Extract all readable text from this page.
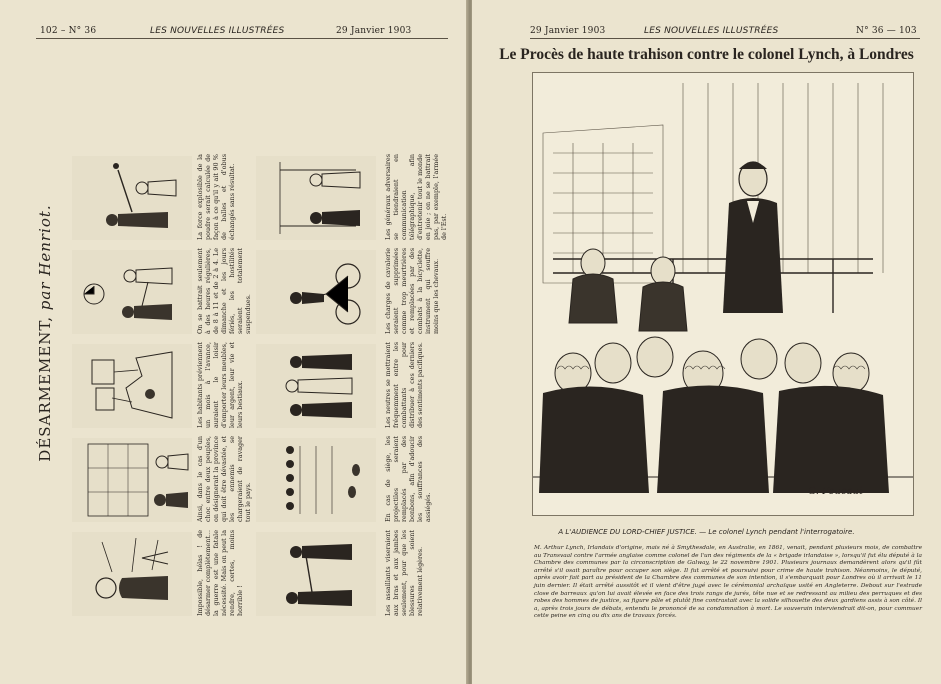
102 – N° 36	LES NOUVELLES ILLUSTRÉES	29 Janvier 1903
DÉSARMEMENT, par Henriot.
Impossible, hélas ! de désarmer complètement... la guerre est une fatale nécessité. Mais on peut la rendre, certes, moins horrible !
Ainsi, dans le cas d'un choc entre deux peuples, on désignerait la province qui doit être dévastée, et les ennemis se chargeraient de ravager tout le pays.
Les habitants préviennent un mois à l'avance, auraient le loisir d'emporter leurs meubles, leur argent, leur vie et leurs bestiaux.
On se battrait seulement à des heures régulières, de 8 à 11 et de 2 à 4. Le dimanche et les jours fériés, les hostilités seraient totalement suspendues.
La force explosible de la poudre serait calculée de façon à ce qu'il y ait 90 % de balles et d'obus échangés sans résultat.
Les assaillants viseraient aux bras et aux jambes seulement, pour que les blessures soient relativement légères.
En cas de siège, les projectiles seraient remplacés par des bonbons, afin d'adoucir les souffrances des assiégés.
Les neutres se mettraient fréquemment entre les combattants pour distribuer à ces derniers des sentiments pacifiques.
Les charges de cavalerie seraient supprimées comme trop meurtrières et remplacées par des combats à la bicyclette, instrument qui souffre moins que les chevaux.
Les généraux adversaires se tiendraient en communication télégraphique, afin d'entretenir tout le monde en joie ; on ne se battrait pas, par exemple, l'armée de l'Est.
29 Janvier 1903	LES NOUVELLES ILLUSTRÉES	N° 36 — 103
Le Procès de haute trahison contre le colonel Lynch, à Londres
G. Foucaut
A L'AUDIENCE DU LORD-CHIEF JUSTICE. — Le colonel Lynch pendant l'interrogatoire.
M. Arthur Lynch, Irlandais d'origine, mais né à Smythesdale, en Australie, en 1861, venait, pendant plusieurs mois, de combattre au Transvaal contre l'armée anglaise comme colonel de l'un des régiments de la « brigade irlandaise », lorsqu'il fut élu député à la Chambre des communes par la circonscription de Galway, le 22 novembre 1901. Plusieurs journaux demandèrent alors qu'il fût arrêté s'il osait paraître pour occuper son siège. Il fut arrêté et poursuivi pour crime de haute trahison. Néanmoins, le député, après avoir fait part au président de la Chambre des communes de son intention, il s'embarquait pour Londres où il arrivait le 11 juin dernier. Il était arrêté aussitôt et il vient d'être jugé avec le cérémonial archaïque usité en Angleterre. Debout sur l'estrade close de barreaux qu'on lui avait élevée en face des trois rangs de jurés, tête nue et se redressant au milieu des perruques et des robes des hommes de justice, sa figure pâle et plutôt fine contrastait avec la solide silhouette des deux gardiens assis à son côté. Il a, après trois jours de débats, entendu le prononcé de sa condamnation à mort. Le souverain interviendrait dit-on, pour commuer cette peine en cinq ou dix ans de travaux forcés.
